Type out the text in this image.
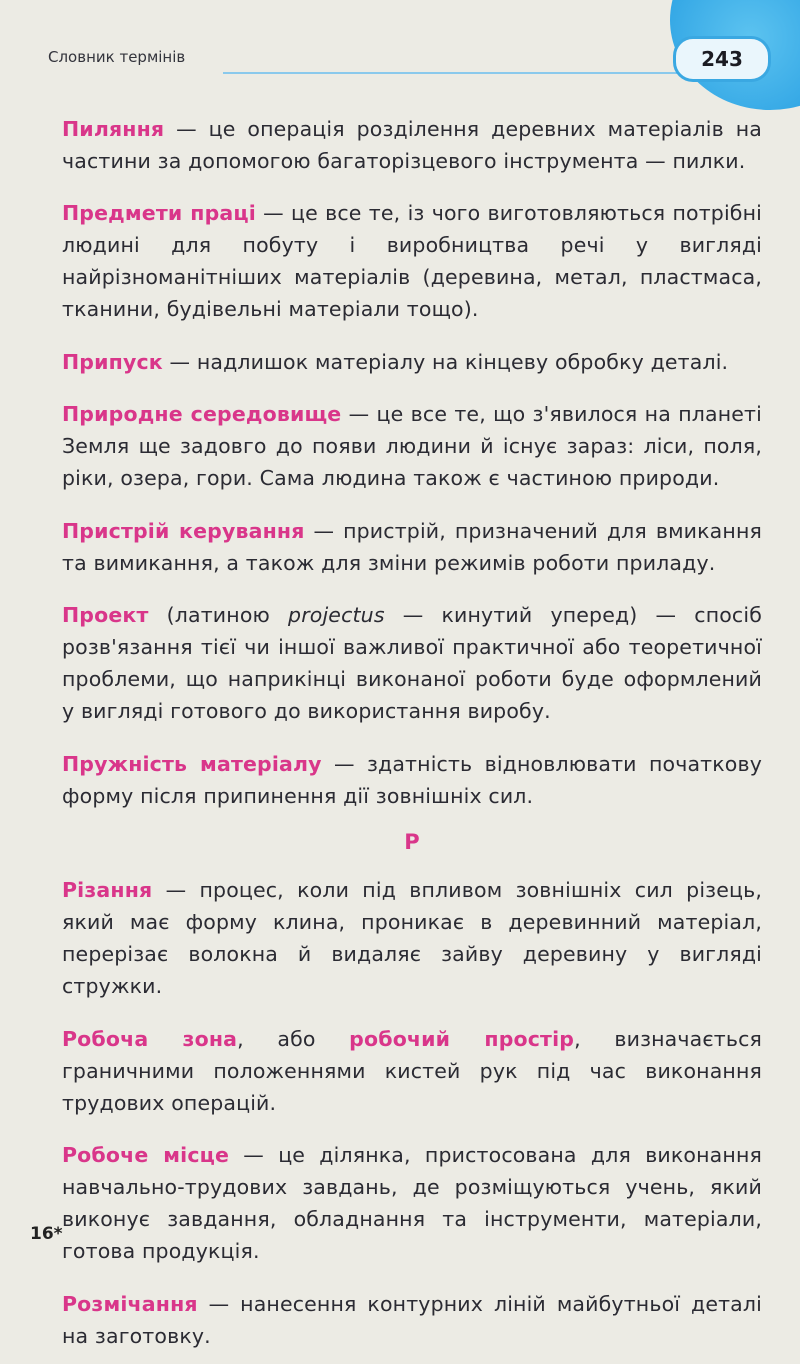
Словник термінів	243

Пиляння — це операція розділення деревних матеріалів на частини за допомогою багаторізцевого інструмента — пилки.

Предмети праці — це все те, із чого виготовляються потрібні людині для побуту і виробництва речі у вигляді найрізноманітніших матеріалів (деревина, метал, пластмаса, тканини, будівельні матеріали тощо).

Припуск — надлишок матеріалу на кінцеву обробку деталі.

Природне середовище — це все те, що з'явилося на планеті Земля ще задовго до появи людини й існує зараз: ліси, поля, ріки, озера, гори. Сама людина також є частиною природи.

Пристрій керування — пристрій, призначений для вмикання та вимикання, а також для зміни режимів роботи приладу.

Проект (латиною projectus — кинутий уперед) — спосіб розв'язання тієї чи іншої важливої практичної або теоретичної проблеми, що наприкінці виконаної роботи буде оформлений у вигляді готового до використання виробу.

Пружність матеріалу — здатність відновлювати початкову форму після припинення дії зовнішніх сил.

Р

Різання — процес, коли під впливом зовнішніх сил різець, який має форму клина, проникає в деревинний матеріал, перерізає волокна й видаляє зайву деревину у вигляді стружки.

Робоча зона, або робочий простір, визначається граничними положеннями кистей рук під час виконання трудових операцій.

Робоче місце — це ділянка, пристосована для виконання навчально-трудових завдань, де розміщуються учень, який виконує завдання, обладнання та інструменти, матеріали, готова продукція.

Розмічання — нанесення контурних ліній майбутньої деталі на заготовку.

16*
